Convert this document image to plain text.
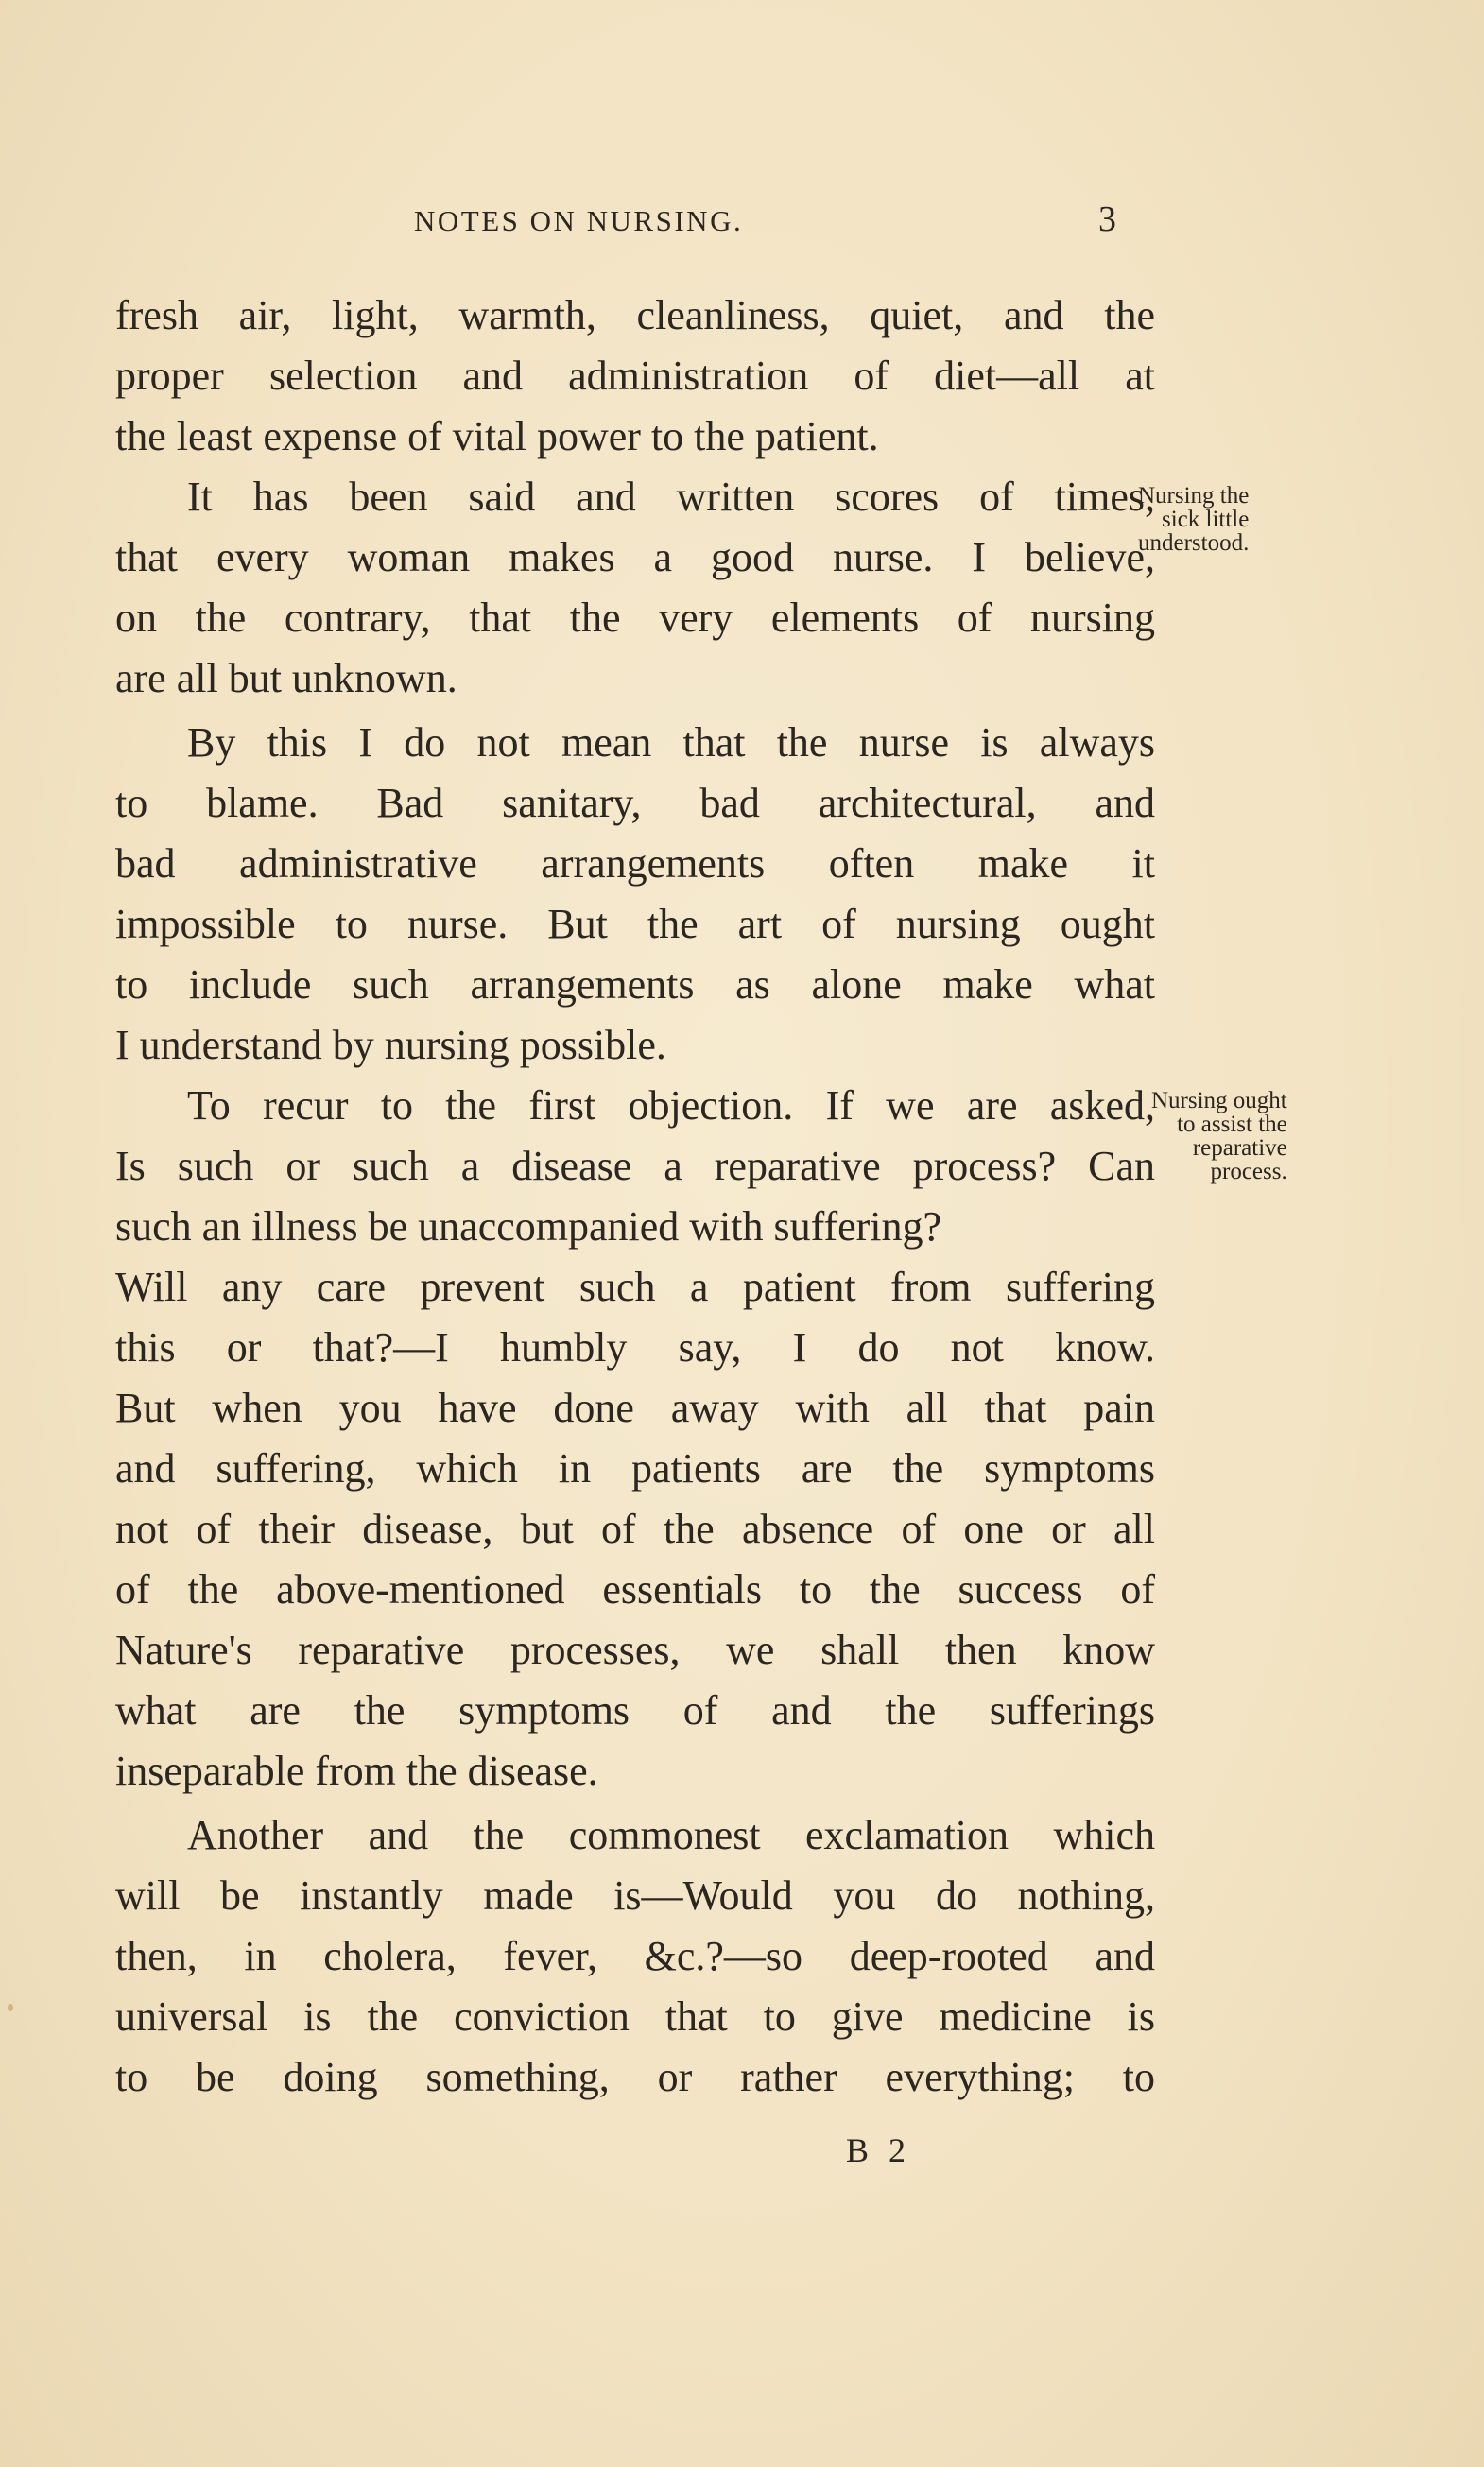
NOTES ON NURSING.	3
fresh air, light, warmth, cleanliness, quiet, and the
proper selection and administration of diet—all at
the least expense of vital power to the patient.
It has been said and written scores of times,
that every woman makes a good nurse. I believe,
on the contrary, that the very elements of nursing
are all but unknown.
By this I do not mean that the nurse is always
to blame. Bad sanitary, bad architectural, and
bad administrative arrangements often make it
impossible to nurse. But the art of nursing ought
to include such arrangements as alone make what
I understand by nursing possible.
To recur to the first objection. If we are asked,
Is such or such a disease a reparative process? Can
such an illness be unaccompanied with suffering?
Will any care prevent such a patient from suffering
this or that?—I humbly say, I do not know.
But when you have done away with all that pain
and suffering, which in patients are the symptoms
not of their disease, but of the absence of one or all
of the above-mentioned essentials to the success of
Nature's reparative processes, we shall then know
what are the symptoms of and the sufferings
inseparable from the disease.
Another and the commonest exclamation which
will be instantly made is—Would you do nothing,
then, in cholera, fever, &c.?—so deep-rooted and
universal is the conviction that to give medicine is
to be doing something, or rather everything; to
Nursing the
sick little
understood.
Nursing ought
to assist the
reparative
process.
B 2
